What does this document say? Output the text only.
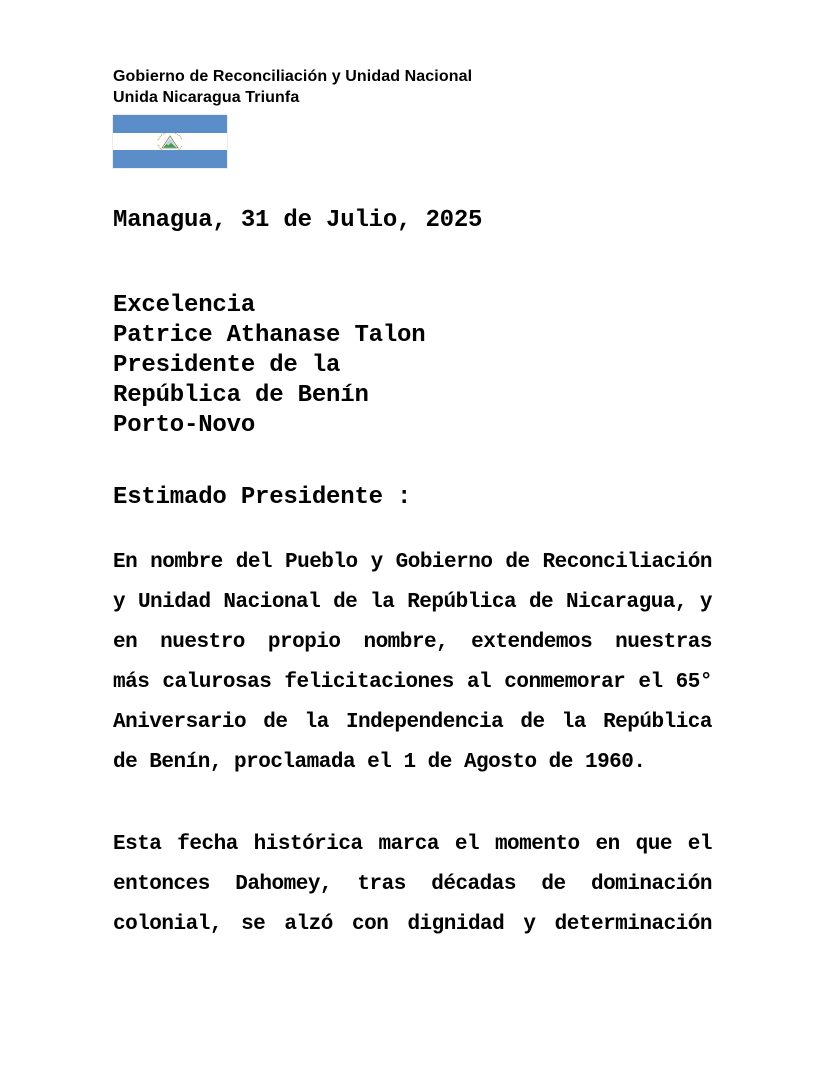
Gobierno de Reconciliación y Unidad Nacional
Unida Nicaragua Triunfa
Managua, 31 de Julio, 2025
Excelencia
Patrice Athanase Talon
Presidente de la
República de Benín
Porto-Novo
Estimado Presidente :
En nombre del Pueblo y Gobierno de Reconciliación
y Unidad Nacional de la República de Nicaragua, y
en nuestro propio nombre, extendemos nuestras
más calurosas felicitaciones al conmemorar el 65°
Aniversario de la Independencia de la República
de Benín, proclamada el 1 de Agosto de 1960.
Esta fecha histórica marca el momento en que el
entonces Dahomey, tras décadas de dominación
colonial, se alzó con dignidad y determinación
